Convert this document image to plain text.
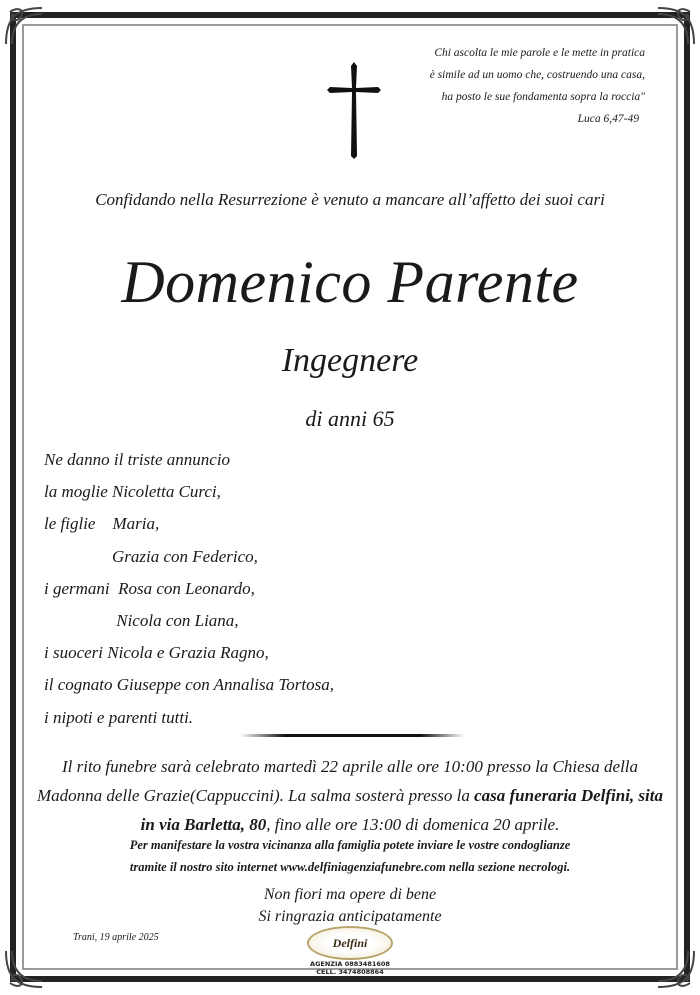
Chi ascolta le mie parole e le mette in pratica
è simile ad un uomo che, costruendo una casa,
ha posto le sue fondamenta sopra la roccia"
Luca 6,47-49
Confidando nella Resurrezione è venuto a mancare all’affetto dei suoi cari
Domenico Parente
Ingegnere
di anni 65
Ne danno il triste annuncio
la moglie Nicoletta Curci,
le figlie    Maria,
Grazia con Federico,
i germani  Rosa con Leonardo,
Nicola con Liana,
i suoceri Nicola e Grazia Ragno,
il cognato Giuseppe con Annalisa Tortosa,
i nipoti e parenti tutti.
Il rito funebre sarà celebrato martedì 22 aprile alle ore 10:00 presso la Chiesa della Madonna delle Grazie(Cappuccini). La salma sosterà presso la casa funeraria Delfini, sita in via Barletta, 80, fino alle ore 13:00 di domenica 20 aprile.
Per manifestare la vostra vicinanza alla famiglia potete inviare le vostre condoglianze
tramite il nostro sito internet www.delfiniagenziafunebre.com nella sezione necrologi.
Non fiori ma opere di bene
Si ringrazia anticipatamente
Trani, 19 aprile 2025	Delfini
AGENZIA 0883481608
CELL. 3474808864
